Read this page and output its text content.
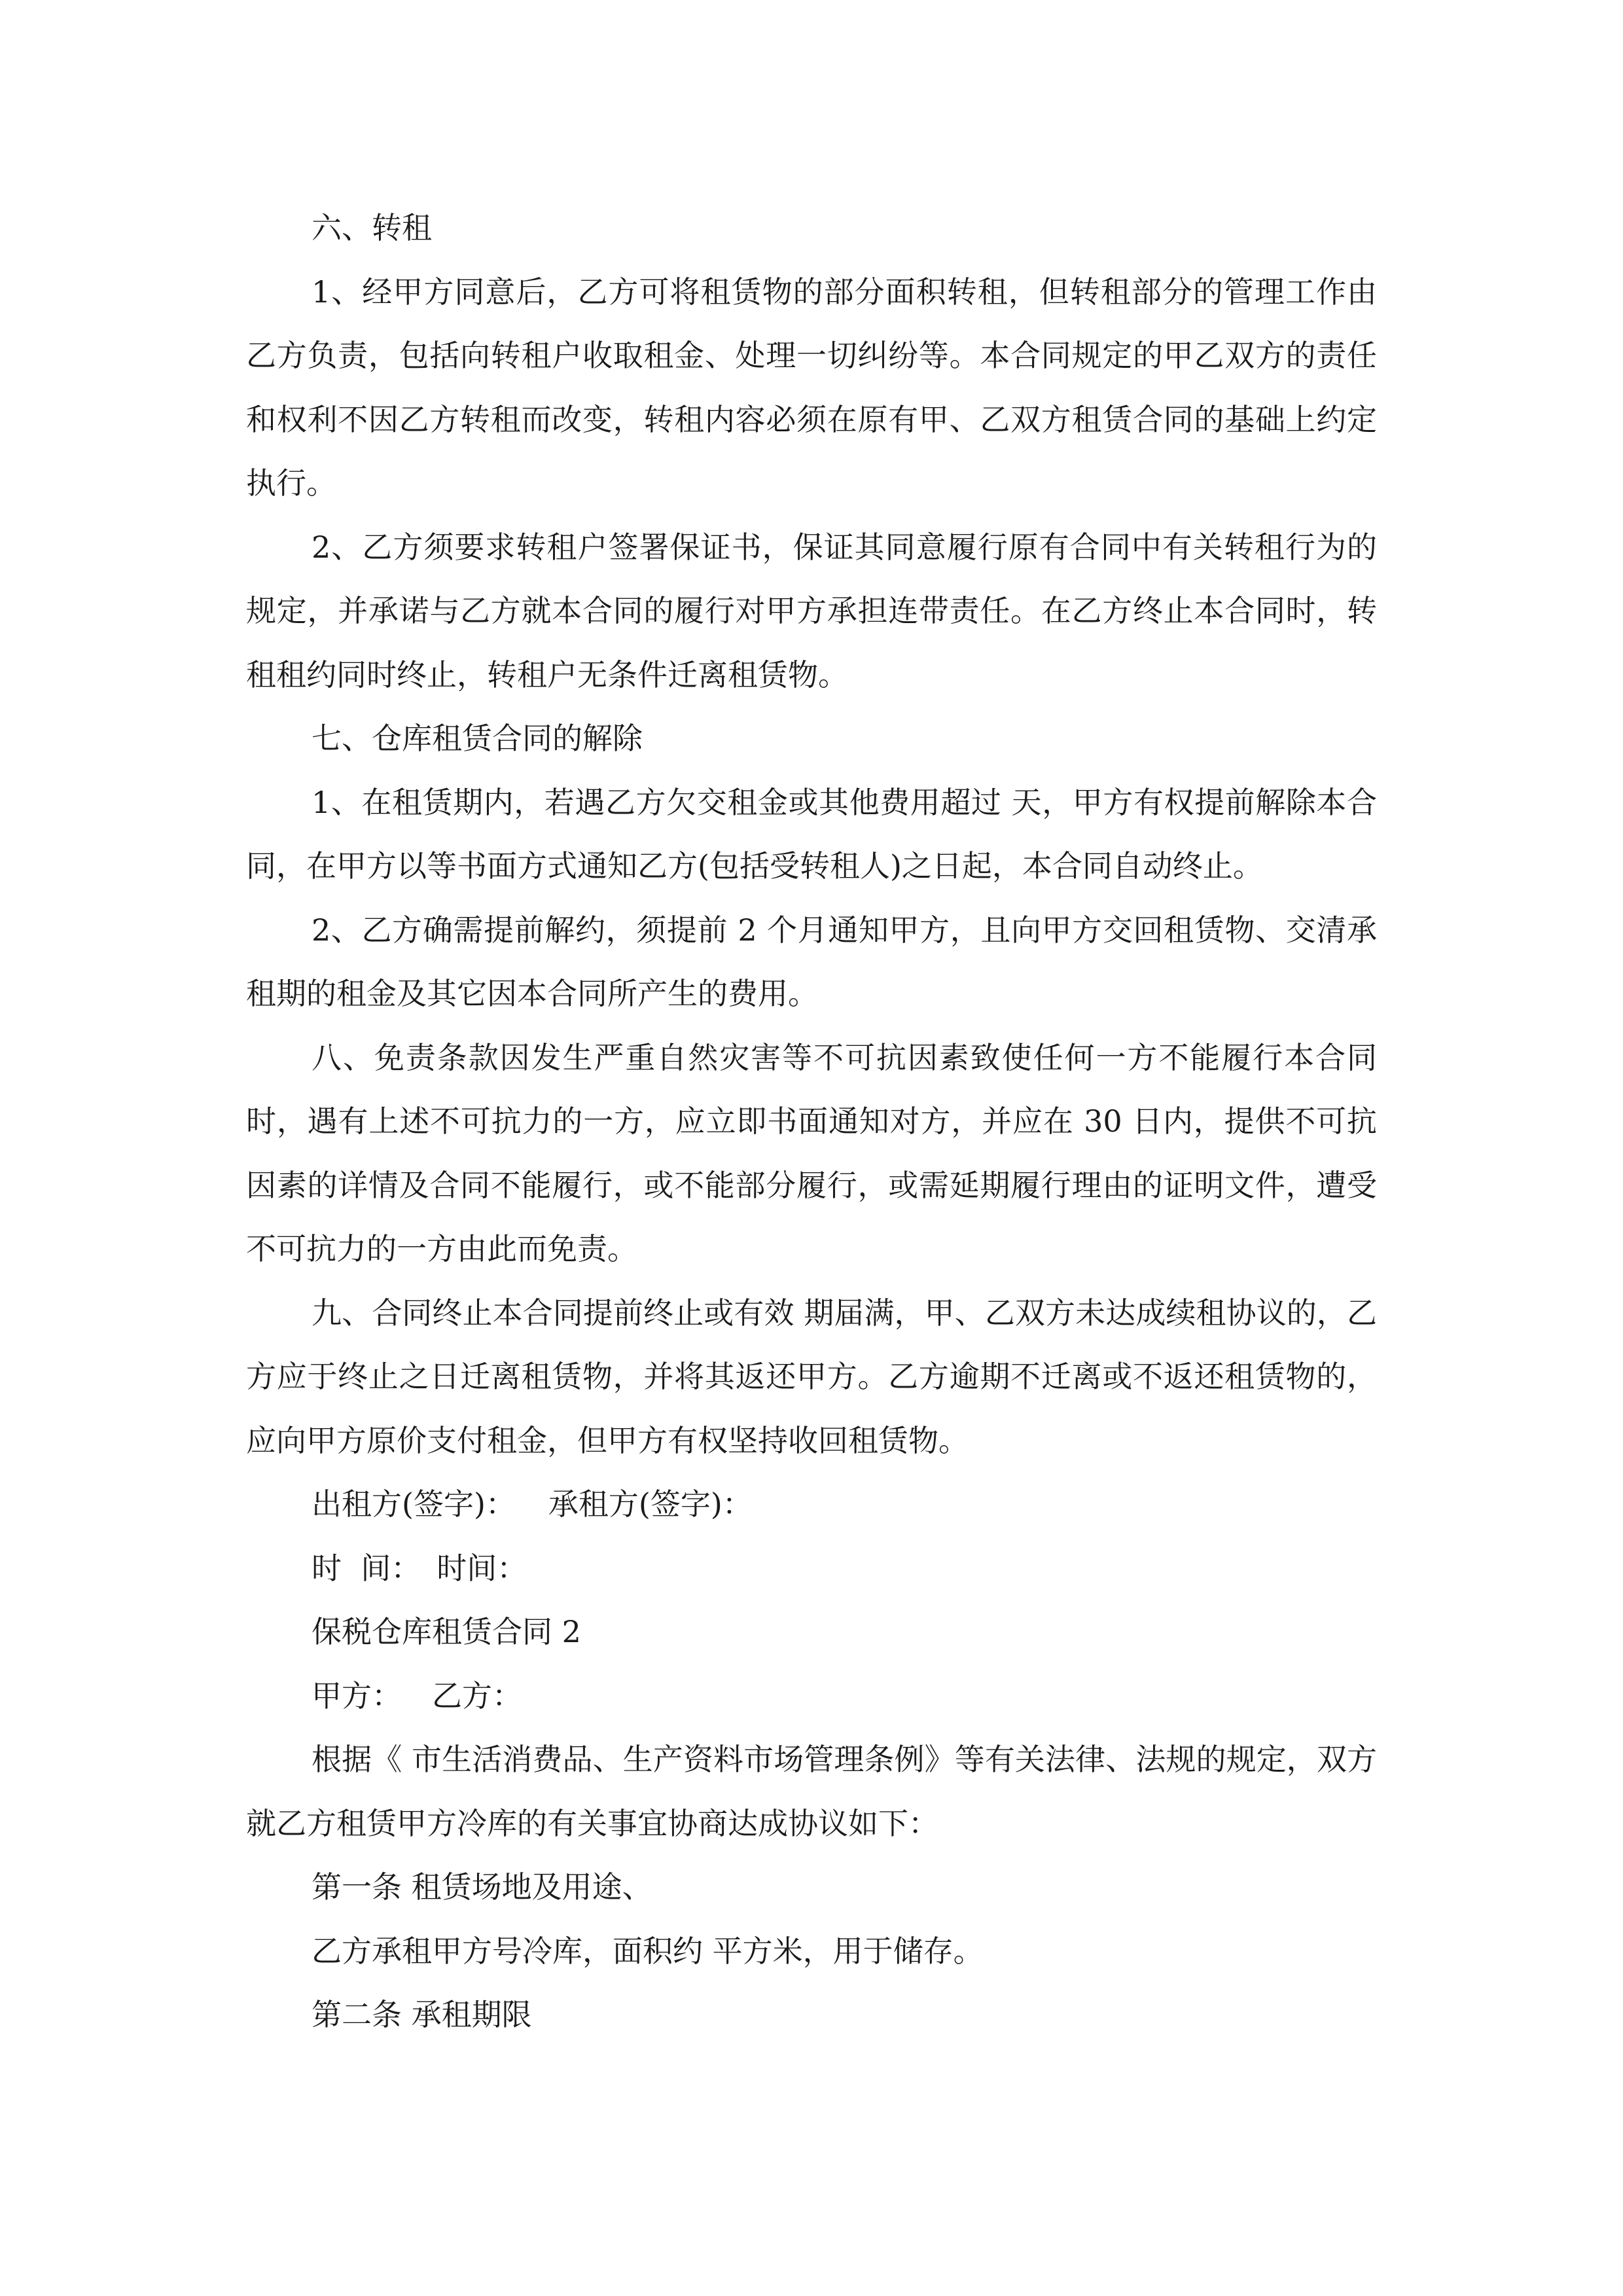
六、转租

1、经甲方同意后，乙方可将租赁物的部分面积转租，但转租部分的管理工作由乙方负责，包括向转租户收取租金、处理一切纠纷等。本合同规定的甲乙双方的责任和权利不因乙方转租而改变，转租内容必须在原有甲、乙双方租赁合同的基础上约定执行。

2、乙方须要求转租户签署保证书，保证其同意履行原有合同中有关转租行为的规定，并承诺与乙方就本合同的履行对甲方承担连带责任。在乙方终止本合同时，转租租约同时终止，转租户无条件迁离租赁物。

七、仓库租赁合同的解除

1、在租赁期内，若遇乙方欠交租金或其他费用超过 天，甲方有权提前解除本合同，在甲方以等书面方式通知乙方(包括受转租人)之日起，本合同自动终止。

2、乙方确需提前解约，须提前 2 个月通知甲方，且向甲方交回租赁物、交清承租期的租金及其它因本合同所产生的费用。

八、免责条款因发生严重自然灾害等不可抗因素致使任何一方不能履行本合同时，遇有上述不可抗力的一方，应立即书面通知对方，并应在 30 日内，提供不可抗因素的详情及合同不能履行，或不能部分履行，或需延期履行理由的证明文件，遭受不可抗力的一方由此而免责。

九、合同终止本合同提前终止或有效 期届满，甲、乙双方未达成续租协议的，乙方应于终止之日迁离租赁物，并将其返还甲方。乙方逾期不迁离或不返还租赁物的，应向甲方原价支付租金，但甲方有权坚持收回租赁物。

出租方(签字)： 承租方(签字)：

时  间： 时间：

保税仓库租赁合同 2

甲方： 乙方：

根据《 市生活消费品、生产资料市场管理条例》等有关法律、法规的规定，双方就乙方租赁甲方冷库的有关事宜协商达成协议如下：

第一条 租赁场地及用途、

乙方承租甲方号冷库，面积约 平方米，用于储存。

第二条 承租期限
